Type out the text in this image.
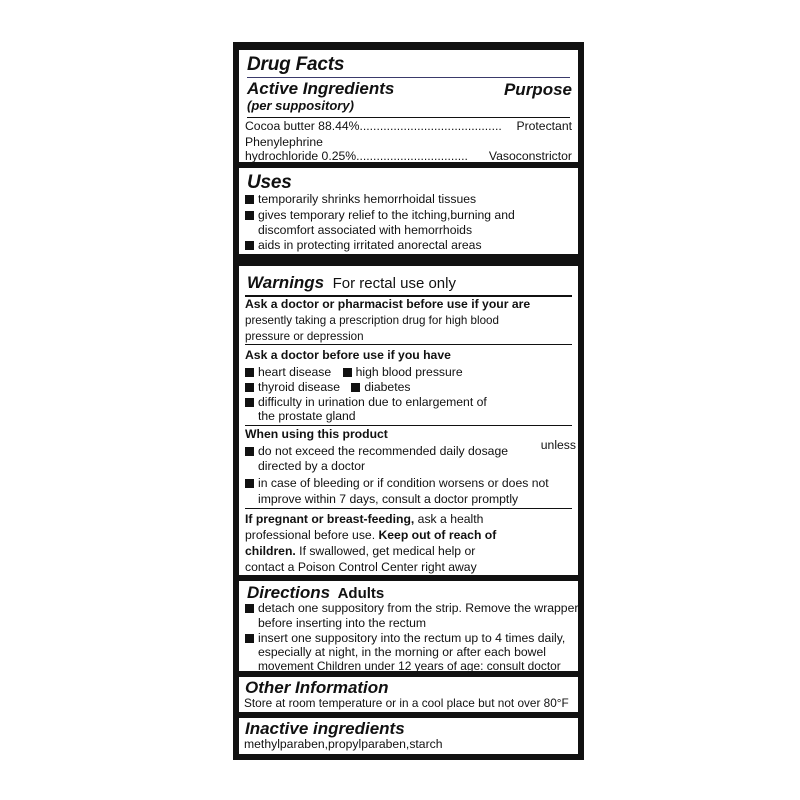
Drug Facts
Active Ingredients	Purpose
(per suppository)
Cocoa butter 88.44%.......................................... Protectant
Phenylephrine
hydrochloride 0.25%................................. Vasoconstrictor
Uses
temporarily shrinks hemorrhoidal tissues
gives temporary relief to the itching,burning and
discomfort associated with hemorrhoids
aids in protecting irritated anorectal areas
Warnings For rectal use only
Ask a doctor or pharmacist before use if your are
presently taking a prescription drug for high blood
pressure or depression
Ask a doctor before use if you have
heart disease high blood pressure
thyroid disease diabetes
difficulty in urination due to enlargement of
the prostate gland
When using this product
unless
do not exceed the recommended daily dosage
directed by a doctor
in case of bleeding or if condition worsens or does not
improve within 7 days, consult a doctor promptly
If pregnant or breast-feeding, ask a health
professional before use. Keep out of reach of
children. If swallowed, get medical help or
contact a Poison Control Center right away
Directions Adults
detach one suppository from the strip. Remove the wrapper
before inserting into the rectum
insert one suppository into the rectum up to 4 times daily,
especially at night, in the morning or after each bowel
movement Children under 12 years of age: consult doctor
Other Information
Store at room temperature or in a cool place but not over 80°F
Inactive ingredients
methylparaben,propylparaben,starch
